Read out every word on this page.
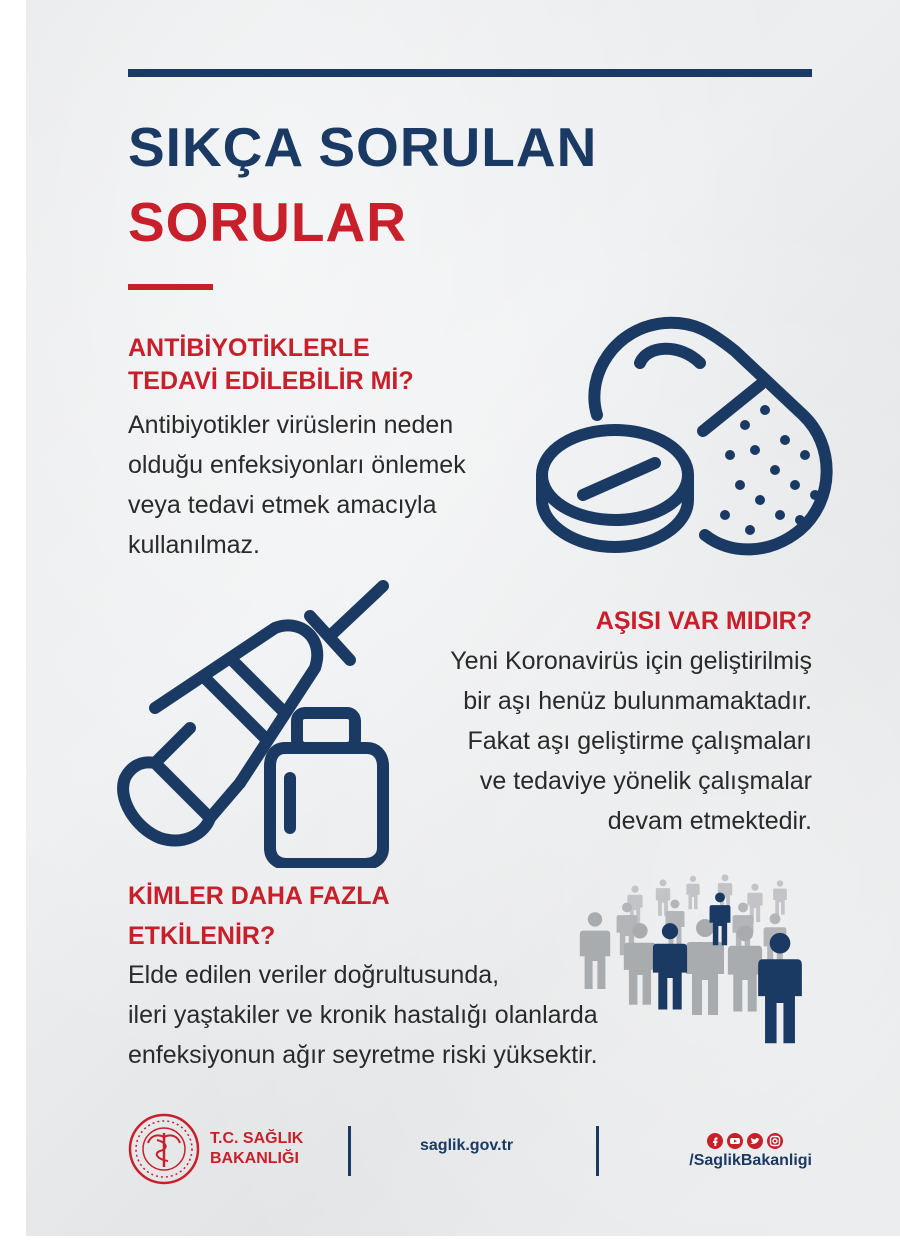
SIKÇA SORULAN
SORULAR
ANTİBİYOTİKLERLE
TEDAVİ EDİLEBİLİR Mİ?
Antibiyotikler virüslerin neden
olduğu enfeksiyonları önlemek
veya tedavi etmek amacıyla
kullanılmaz.
AŞISI VAR MIDIR?
Yeni Koronavirüs için geliştirilmiş
bir aşı henüz bulunmamaktadır.
Fakat aşı geliştirme çalışmaları
ve tedaviye yönelik çalışmalar
devam etmektedir.
KİMLER DAHA FAZLA
ETKİLENİR?
Elde edilen veriler doğrultusunda,
ileri yaştakiler ve kronik hastalığı olanlarda
enfeksiyonun ağır seyretme riski yüksektir.
T.C. SAĞLIK
BAKANLIĞI
saglik.gov.tr
/SaglikBakanligi
